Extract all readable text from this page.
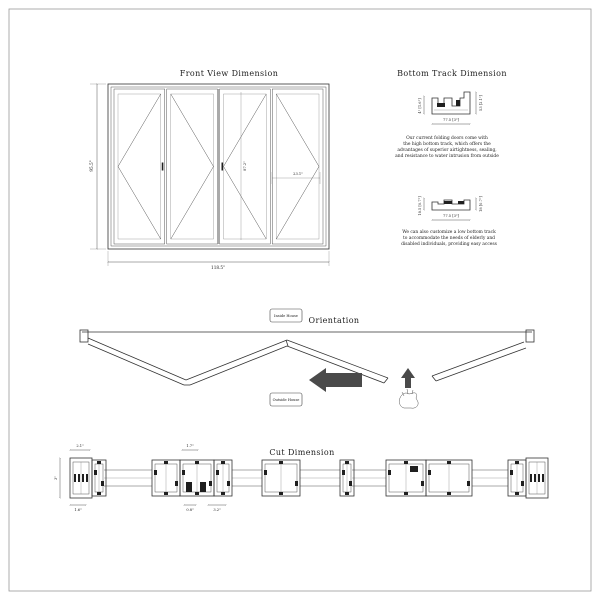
Front View Dimension
118.5"
95.5"	87.2"
23.1"
Bottom Track Dimension
4" [1.6"]	53 [2.1"]
77.5 [3"]
Our current folding doors come with
the high bottom track, which offers the
advantages of superior airtightness, sealing,
and resistance to water intrusion from outside
18.5 [0.7"]	18 [0.7"]
77.5 [3"]
We can also customize a low bottom track
to accommodate the needs of elderly and
disabled individuals, providing easy access
Orientation
Inside House
Outside House
Cut Dimension
2.1"	1.7"
3"
1.6"	0.8"	3.2"
